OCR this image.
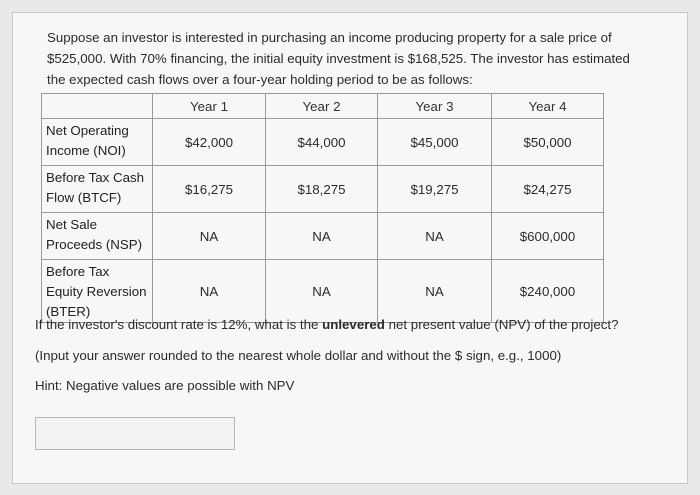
Suppose an investor is interested in purchasing an income producing property for a sale price of $525,000. With 70% financing, the initial equity investment is $168,525. The investor has estimated the expected cash flows over a four-year holding period to be as follows:
	Year 1	Year 2	Year 3	Year 4
Net Operating Income (NOI)	$42,000	$44,000	$45,000	$50,000
Before Tax Cash Flow (BTCF)	$16,275	$18,275	$19,275	$24,275
Net Sale Proceeds (NSP)	NA	NA	NA	$600,000
Before Tax Equity Reversion (BTER)	NA	NA	NA	$240,000
If the investor's discount rate is 12%, what is the unlevered net present value (NPV) of the project?
(Input your answer rounded to the nearest whole dollar and without the $ sign, e.g., 1000)
Hint: Negative values are possible with NPV
